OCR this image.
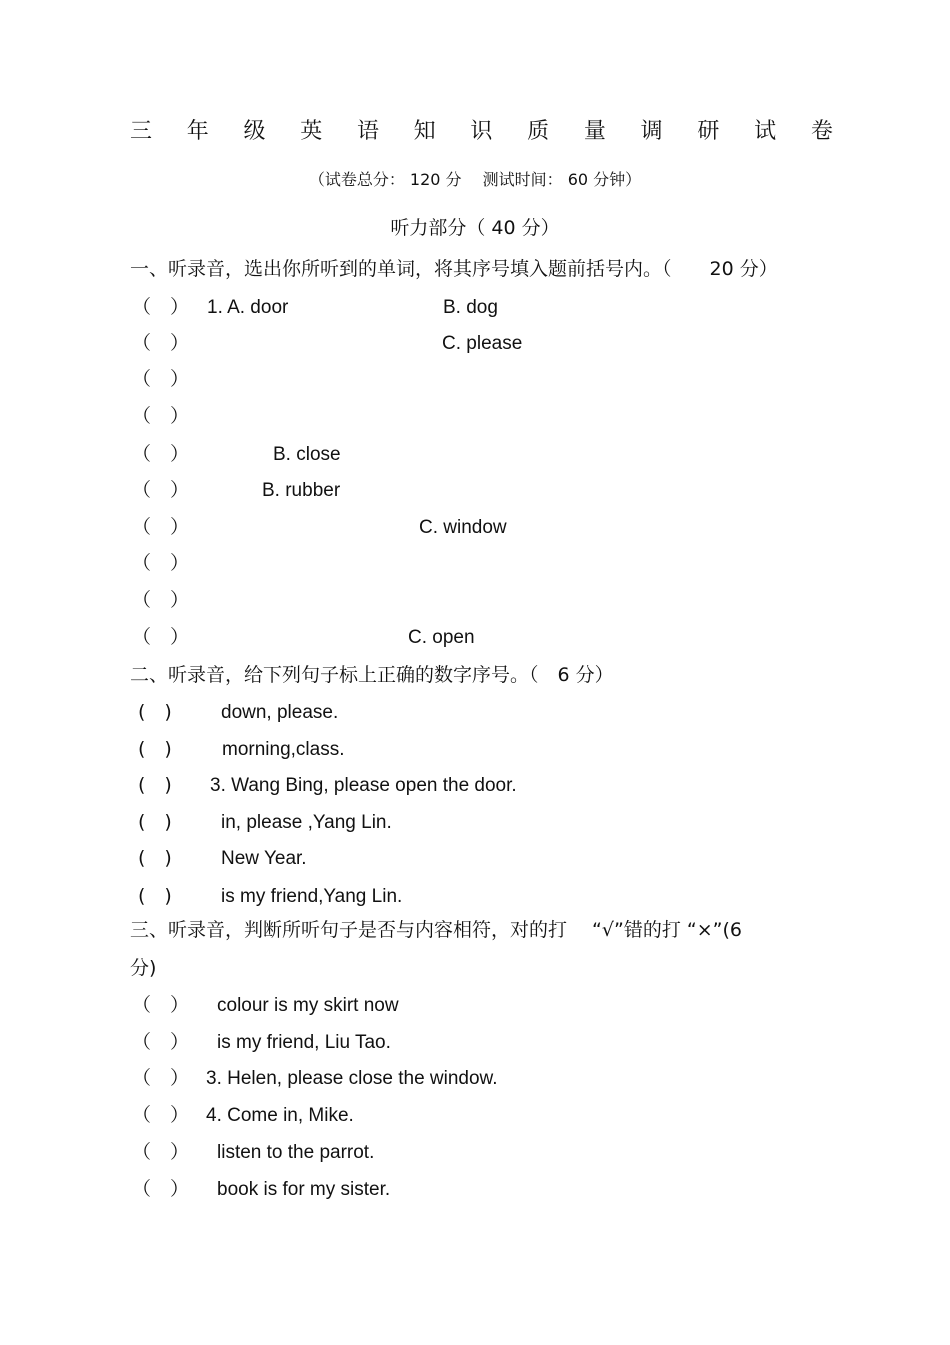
三 年 级 英 语 知 识 质 量 调 研 试 卷
（试卷总分： 120 分　 测试时间： 60 分钟）
听力部分（ 40 分）
一、听录音，选出你所听到的单词，将其序号填入题前括号内。（　　20 分）
（　） 1. A. door	B. dog
（　）	C. please
（　）
（　）
（　）	B. close
（　）	B. rubber
（　）	C. window
（　）
（　）
（　）	C. open
二、听录音，给下列句子标上正确的数字序号。（　6 分）
(　)	down, please.
(　)	morning,class.
(　) 3. Wang Bing, please open the door.
(　)	in, please ,Yang Lin.
(　)	New Year.
(　)	is my friend,Yang Lin.
三、听录音，判断所听句子是否与内容相符，对的打　 “√”错的打 “×”(6
分)
（　） colour is my skirt now
（　） is my friend, Liu Tao.
（　） 3. Helen, please close the window.
（　） 4. Come in, Mike.
（　） listen to the parrot.
（　） book is for my sister.
